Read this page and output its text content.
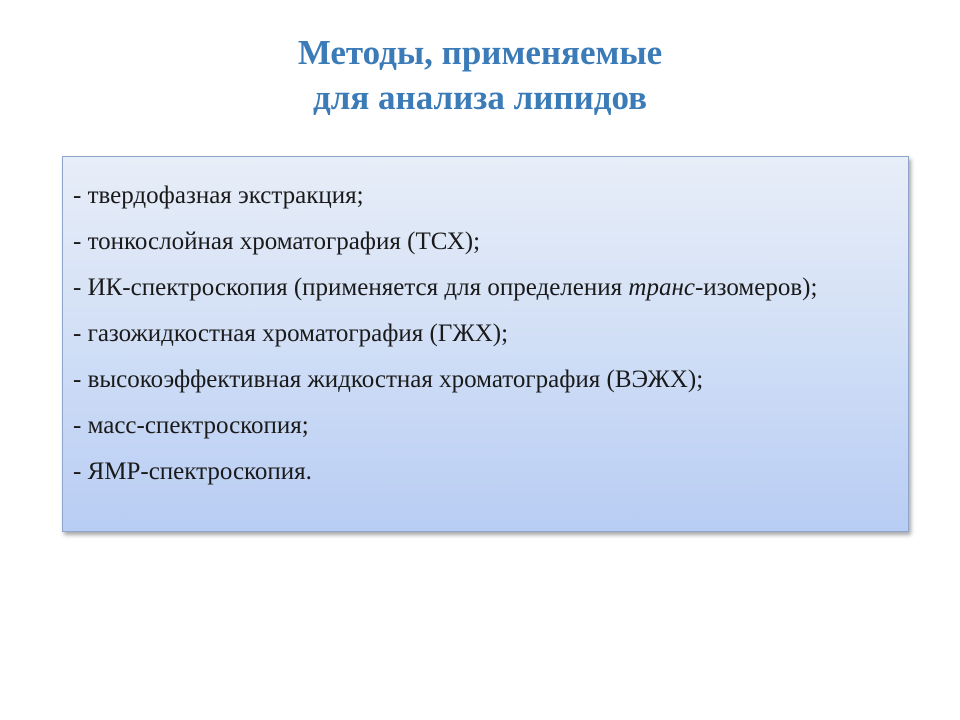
Методы, применяемые
для анализа липидов
- твердофазная экстракция;
- тонкослойная хроматография (ТСХ);
- ИК-спектроскопия (применяется для определения транс-изомеров);
- газожидкостная хроматография (ГЖХ);
- высокоэффективная жидкостная хроматография (ВЭЖХ);
- масс-спектроскопия;
- ЯМР-спектроскопия.
